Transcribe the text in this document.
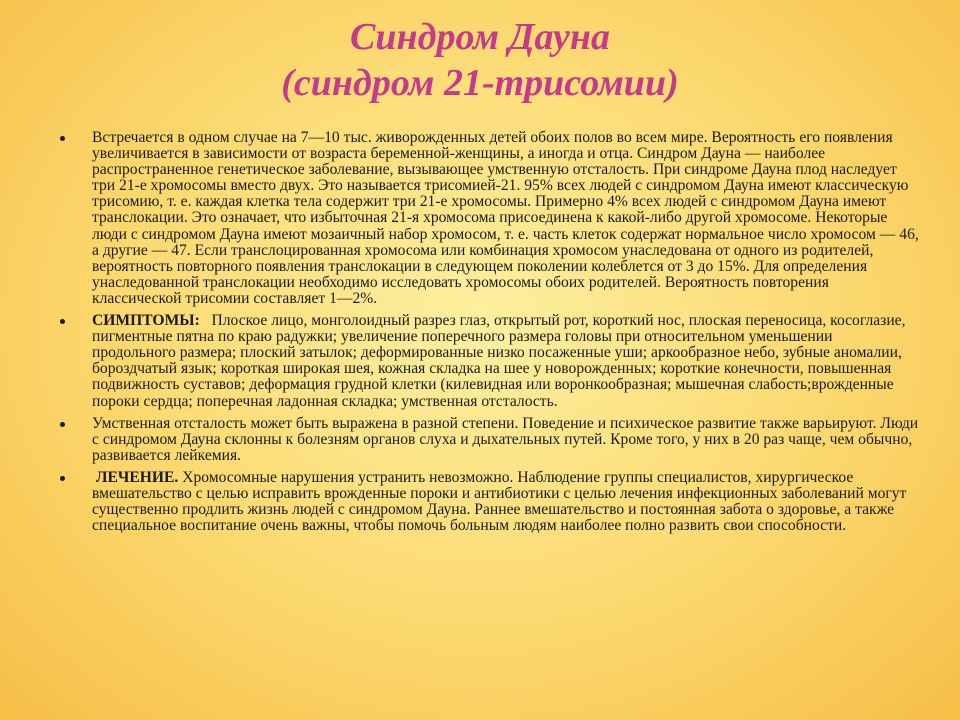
Синдром Дауна
(синдром 21-трисомии)
Встречается в одном случае на 7—10 тыс. живорожденных детей обоих полов во всем мире. Вероятность его появления увеличивается в зависимости от возраста беременной-женщины, а иногда и отца. Синдром Дауна — наиболее распространенное генетическое заболевание, вызывающее умственную отсталость. При синдроме Дауна плод наследует три 21-е хромосомы вместо двух. Это называется трисомией-21. 95% всех людей с синдромом Дауна имеют классическую трисомию, т. е. каждая клетка тела содержит три 21-е хромосомы. Примерно 4% всех людей с синдромом Дауна имеют транслокации. Это означает, что избыточная 21-я хромосома присоединена к какой-либо другой хромосоме. Некоторые люди с синдромом Дауна имеют мозаичный набор хромосом, т. е. часть клеток содержат нормальное число хромосом — 46, а другие — 47. Если транслоцированная хромосома или комбинация хромосом унаследована от одного из родителей, вероятность повторного появления транслокации в следующем поколении колеблется от 3 до 15%. Для определения унаследованной транслокации необходимо исследовать хромосомы обоих родителей. Вероятность повторения классической трисомии составляет 1—2%.
СИМПТОМЫ: Плоское лицо, монголоидный разрез глаз, открытый рот, короткий нос, плоская переносица, косоглазие, пигментные пятна по краю радужки; увеличение поперечного размера головы при относительном уменьшении продольного размера; плоский затылок; деформированные низко посаженные уши; аркообразное небо, зубные аномалии, бороздчатый язык; короткая широкая шея, кожная складка на шее у новорожденных; короткие конечности, повышенная подвижность суставов; деформация грудной клетки (килевидная или воронкообразная; мышечная слабость;врожденные пороки сердца; поперечная ладонная складка; умственная отсталость.
Умственная отсталость может быть выражена в разной степени. Поведение и психическое развитие также варьируют. Люди с синдромом Дауна склонны к болезням органов слуха и дыхательных путей. Кроме того, у них в 20 раз чаще, чем обычно, развивается лейкемия.
ЛЕЧЕНИЕ. Хромосомные нарушения устранить невозможно. Наблюдение группы специалистов, хирургическое вмешательство с целью исправить врожденные пороки и антибиотики с целью лечения инфекционных заболеваний могут существенно продлить жизнь людей с синдромом Дауна. Раннее вмешательство и постоянная забота о здоровье, а также специальное воспитание очень важны, чтобы помочь больным людям наиболее полно развить свои способности.
